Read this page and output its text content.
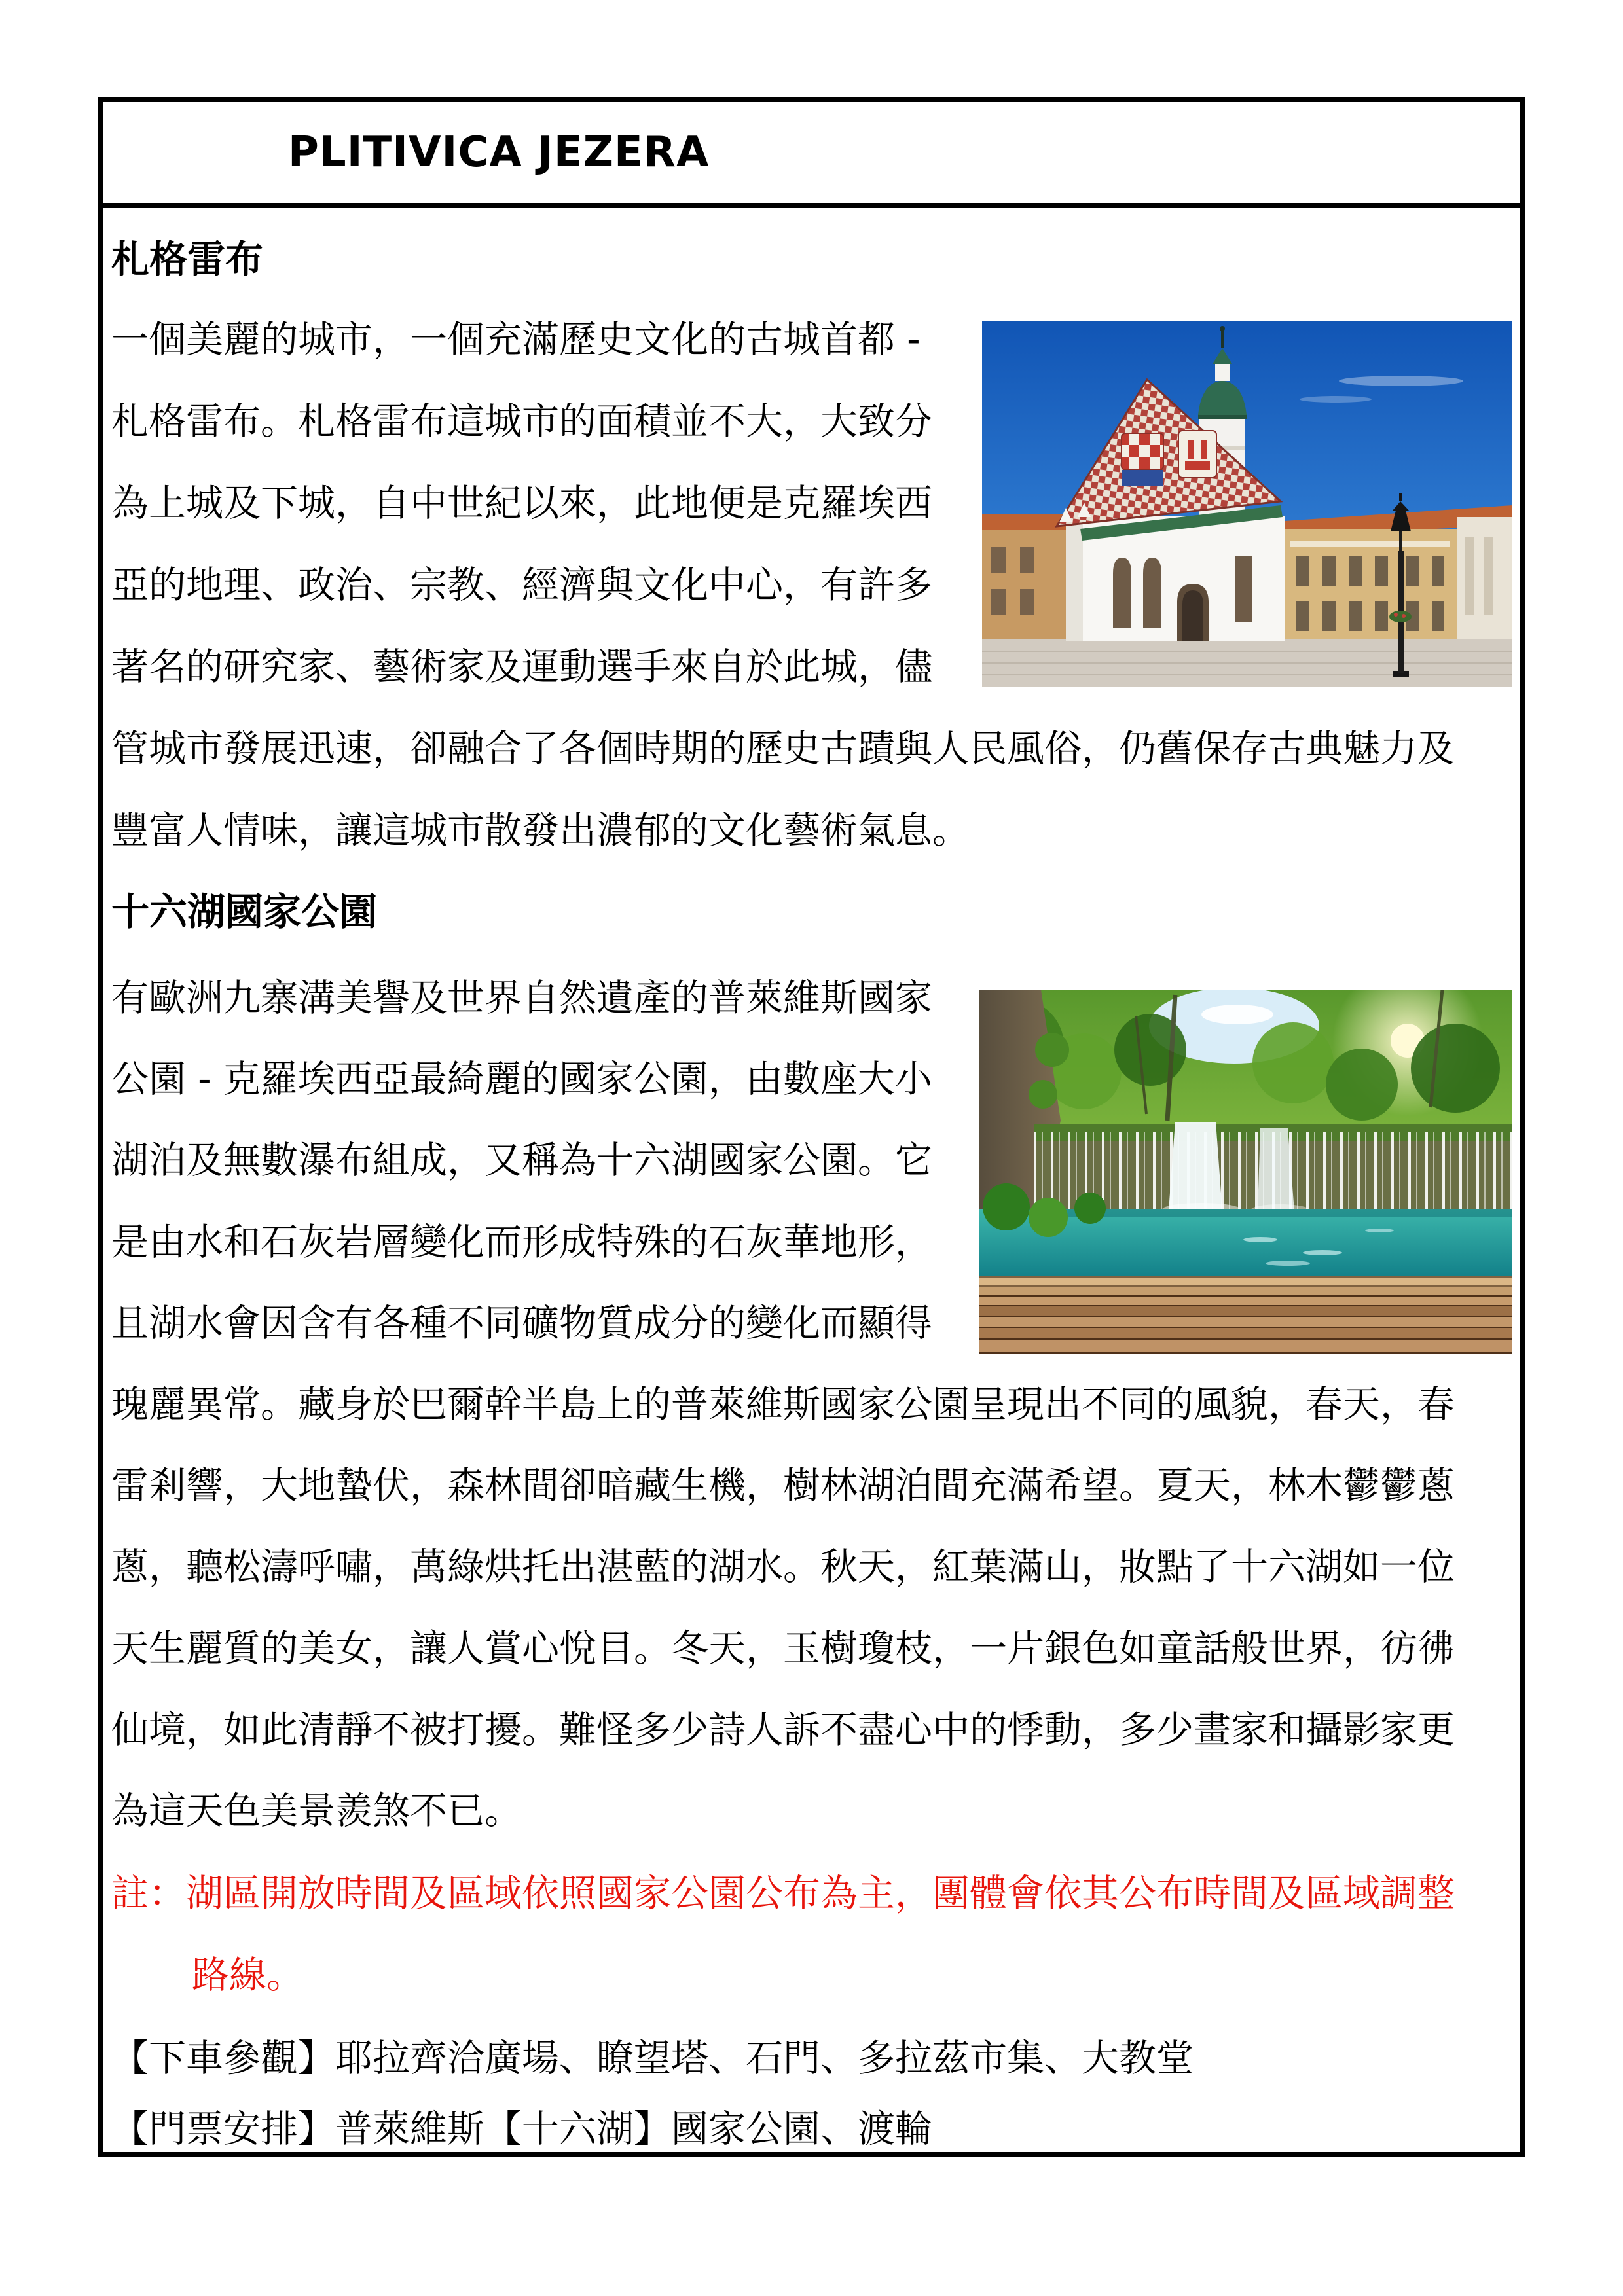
PLITIVICA JEZERA
札格雷布
一個美麗的城市，一個充滿歷史文化的古城首都 -
札格雷布。札格雷布這城市的面積並不大，大致分
為上城及下城，自中世紀以來，此地便是克羅埃西
亞的地理、政治、宗教、經濟與文化中心，有許多
著名的研究家、藝術家及運動選手來自於此城，儘
管城市發展迅速，卻融合了各個時期的歷史古蹟與人民風俗，仍舊保存古典魅力及
豐富人情味，讓這城市散發出濃郁的文化藝術氣息。
十六湖國家公園
有歐洲九寨溝美譽及世界自然遺產的普萊維斯國家
公園 - 克羅埃西亞最綺麗的國家公園，由數座大小
湖泊及無數瀑布組成，又稱為十六湖國家公園。它
是由水和石灰岩層變化而形成特殊的石灰華地形，
且湖水會因含有各種不同礦物質成分的變化而顯得
瑰麗異常。藏身於巴爾幹半島上的普萊維斯國家公園呈現出不同的風貌，春天，春
雷剎響，大地蟄伏，森林間卻暗藏生機，樹林湖泊間充滿希望。夏天，林木鬱鬱蔥
蔥，聽松濤呼嘯，萬綠烘托出湛藍的湖水。秋天，紅葉滿山，妝點了十六湖如一位
天生麗質的美女，讓人賞心悅目。冬天，玉樹瓊枝，一片銀色如童話般世界，彷彿
仙境，如此清靜不被打擾。難怪多少詩人訴不盡心中的悸動，多少畫家和攝影家更
為這天色美景羨煞不已。
註：湖區開放時間及區域依照國家公園公布為主，團體會依其公布時間及區域調整
路線。
【下車參觀】耶拉齊洽廣場、瞭望塔、石門、多拉茲市集、大教堂
【門票安排】普萊維斯【十六湖】國家公園、渡輪
